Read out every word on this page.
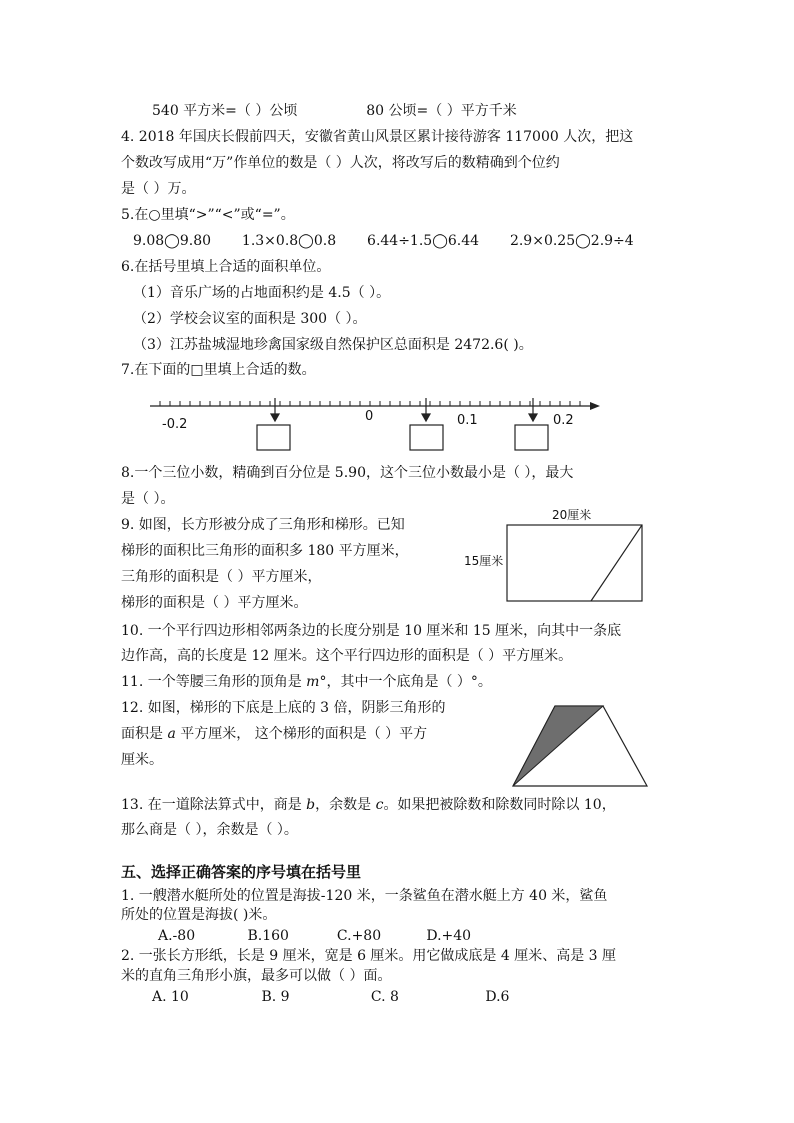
540 平方米=（ ）公顷	80 公顷=（ ）平方千米
4. 2018 年国庆长假前四天，安徽省黄山风景区累计接待游客 117000 人次，把这
个数改写成用“万”作单位的数是（ ）人次，将改写后的数精确到个位约
是（ ）万。
5.在○里填“>”“<”或“=”。
9.08◯9.80 1.3×0.8◯0.8 6.44÷1.5◯6.44 2.9×0.25◯2.9÷4
6.在括号里填上合适的面积单位。
（1）音乐广场的占地面积约是 4.5（ ）。
（2）学校会议室的面积是 300（ ）。
（3）江苏盐城湿地珍禽国家级自然保护区总面积是 2472.6( )。
7.在下面的□里填上合适的数。
-0.2
0	0.1	0.2
8.一个三位小数，精确到百分位是 5.90，这个三位小数最小是（ ），最大
是（ ）。
9. 如图，长方形被分成了三角形和梯形。已知
梯形的面积比三角形的面积多 180 平方厘米，
三角形的面积是（ ）平方厘米，
梯形的面积是（ ）平方厘米。
20厘米
15厘米
10. 一个平行四边形相邻两条边的长度分别是 10 厘米和 15 厘米，向其中一条底
边作高，高的长度是 12 厘米。这个平行四边形的面积是（ ）平方厘米。
11. 一个等腰三角形的顶角是 m°，其中一个底角是（ ）°。
12. 如图，梯形的下底是上底的 3 倍，阴影三角形的
面积是 a 平方厘米， 这个梯形的面积是（ ）平方
厘米。
13. 在一道除法算式中，商是 b，余数是 c。如果把被除数和除数同时除以 10，
那么商是（ ），余数是（ ）。
五、选择正确答案的序号填在括号里
1. 一艘潜水艇所处的位置是海拔-120 米，一条鲨鱼在潜水艇上方 40 米，鲨鱼
所处的位置是海拔( )米。
A.-80	B.160	C.+80	D.+40
2. 一张长方形纸，长是 9 厘米，宽是 6 厘米。用它做成底是 4 厘米、高是 3 厘
米的直角三角形小旗，最多可以做（ ）面。
A. 10	B. 9	C. 8	D.6
